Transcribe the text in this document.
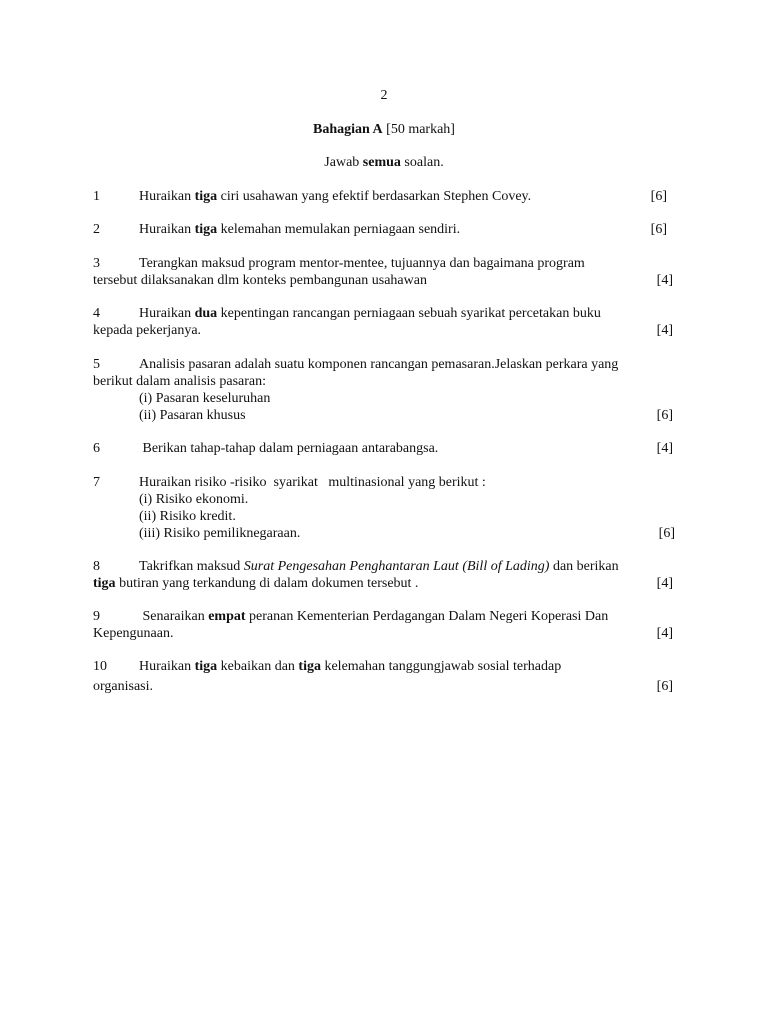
2
Bahagian A [50 markah]
Jawab semua soalan.
1	Huraikan tiga ciri usahawan yang efektif berdasarkan Stephen Covey.	[6]
2	Huraikan tiga kelemahan memulakan perniagaan sendiri.	[6]
3	Terangkan maksud program mentor-mentee, tujuannya dan bagaimana program
tersebut dilaksanakan dlm konteks pembangunan usahawan	[4]
4	Huraikan dua kepentingan rancangan perniagaan sebuah syarikat percetakan buku
kepada pekerjanya.	[4]
5	Analisis pasaran adalah suatu komponen rancangan pemasaran.Jelaskan perkara yang
berikut dalam analisis pasaran:
(i) Pasaran keseluruhan
(ii) Pasaran khusus	[6]
6	Berikan tahap-tahap dalam perniagaan antarabangsa.	[4]
7	Huraikan risiko -risiko  syarikat   multinasional yang berikut :
(i) Risiko ekonomi.
(ii) Risiko kredit.
(iii) Risiko pemiliknegaraan.	[6]
8	Takrifkan maksud Surat Pengesahan Penghantaran Laut (Bill of Lading) dan berikan
tiga butiran yang terkandung di dalam dokumen tersebut .	[4]
9	Senaraikan empat peranan Kementerian Perdagangan Dalam Negeri Koperasi Dan
Kepengunaan.	[4]
10 Huraikan tiga kebaikan dan tiga kelemahan tanggungjawab sosial terhadap
organisasi.	[6]
